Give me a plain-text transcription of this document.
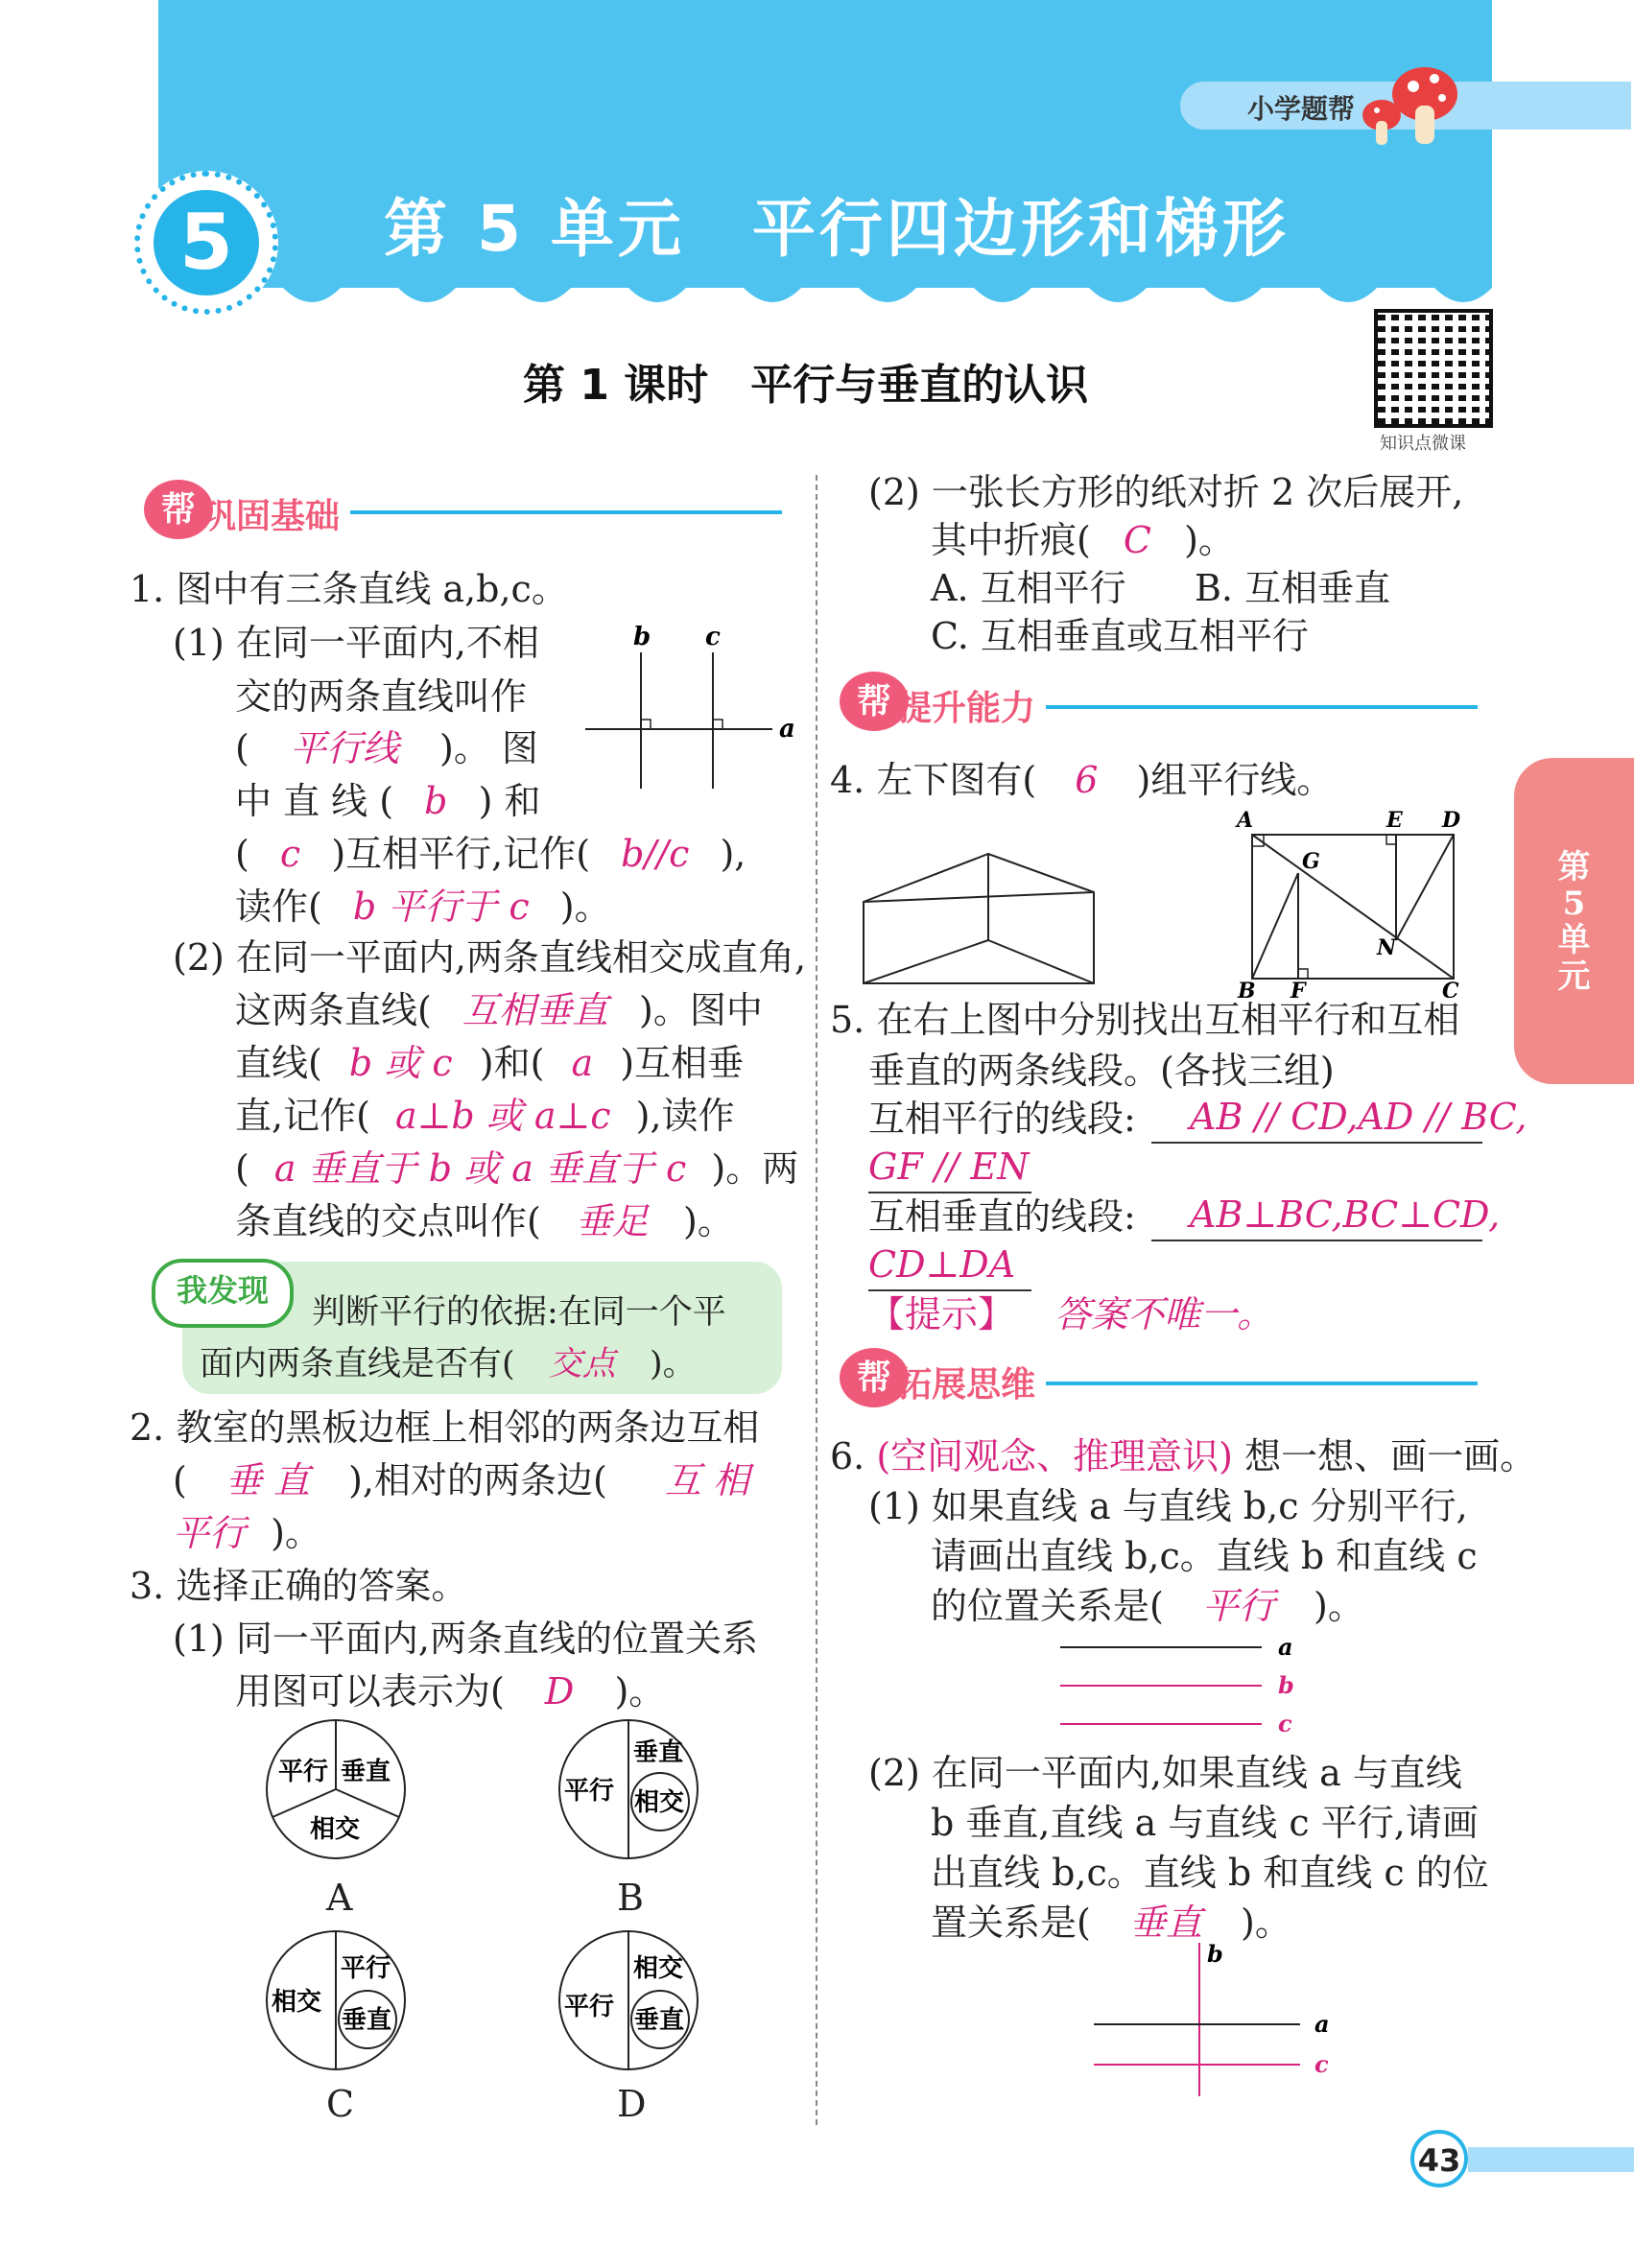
小学题帮
5	第 5 单元　平行四边形和梯形
第 1 课时　平行与垂直的认识
知识点微课
第5单元
帮 巩固基础
1. 图中有三条直线 a,b,c。
(1) 在同一平面内,不相
交的两条直线叫作
( 平行线 )。 图
中 直 线 ( b ) 和
( c )互相平行,记作( b//c ),
读作( b 平行于 c )。
b c
a
(2) 在同一平面内,两条直线相交成直角,
这两条直线( 互相垂直 )。图中
直线( b 或 c )和( a )互相垂
直,记作( a⊥b 或 a⊥c ),读作
( a 垂直于 b 或 a 垂直于 c )。两
条直线的交点叫作( 垂足 )。
我发现
判断平行的依据:在同一个平
面内两条直线是否有( 交点 )。
2. 教室的黑板边框上相邻的两条边互相
( 垂 直 ),相对的两条边( 互 相
平行 )。
3. 选择正确的答案。
(1) 同一平面内,两条直线的位置关系
用图可以表示为( D )。
平行 垂直
相交
A
平行
垂直
相交
B
相交
平行
垂直
C
平行
相交
垂直
D
(2) 一张长方形的纸对折 2 次后展开,
其中折痕( C )。
A. 互相平行 B. 互相垂直
C. 互相垂直或互相平行
帮 提升能力
4. 左下图有( 6 )组平行线。
A	E D
G
N
B F	C
5. 在右上图中分别找出互相平行和互相
垂直的两条线段。(各找三组)
互相平行的线段:	AB // CD,AD // BC,
GF // EN
互相垂直的线段:	AB⊥BC,BC⊥CD,
CD⊥DA
【提示】 答案不唯一。
帮 拓展思维
6. (空间观念、推理意识) 想一想、画一画。
(1) 如果直线 a 与直线 b,c 分别平行,
请画出直线 b,c。直线 b 和直线 c
的位置关系是( 平行 )。
a
b
c
(2) 在同一平面内,如果直线 a 与直线
b 垂直,直线 a 与直线 c 平行,请画
出直线 b,c。直线 b 和直线 c 的位
置关系是( 垂直 )。
b
a
c
43
